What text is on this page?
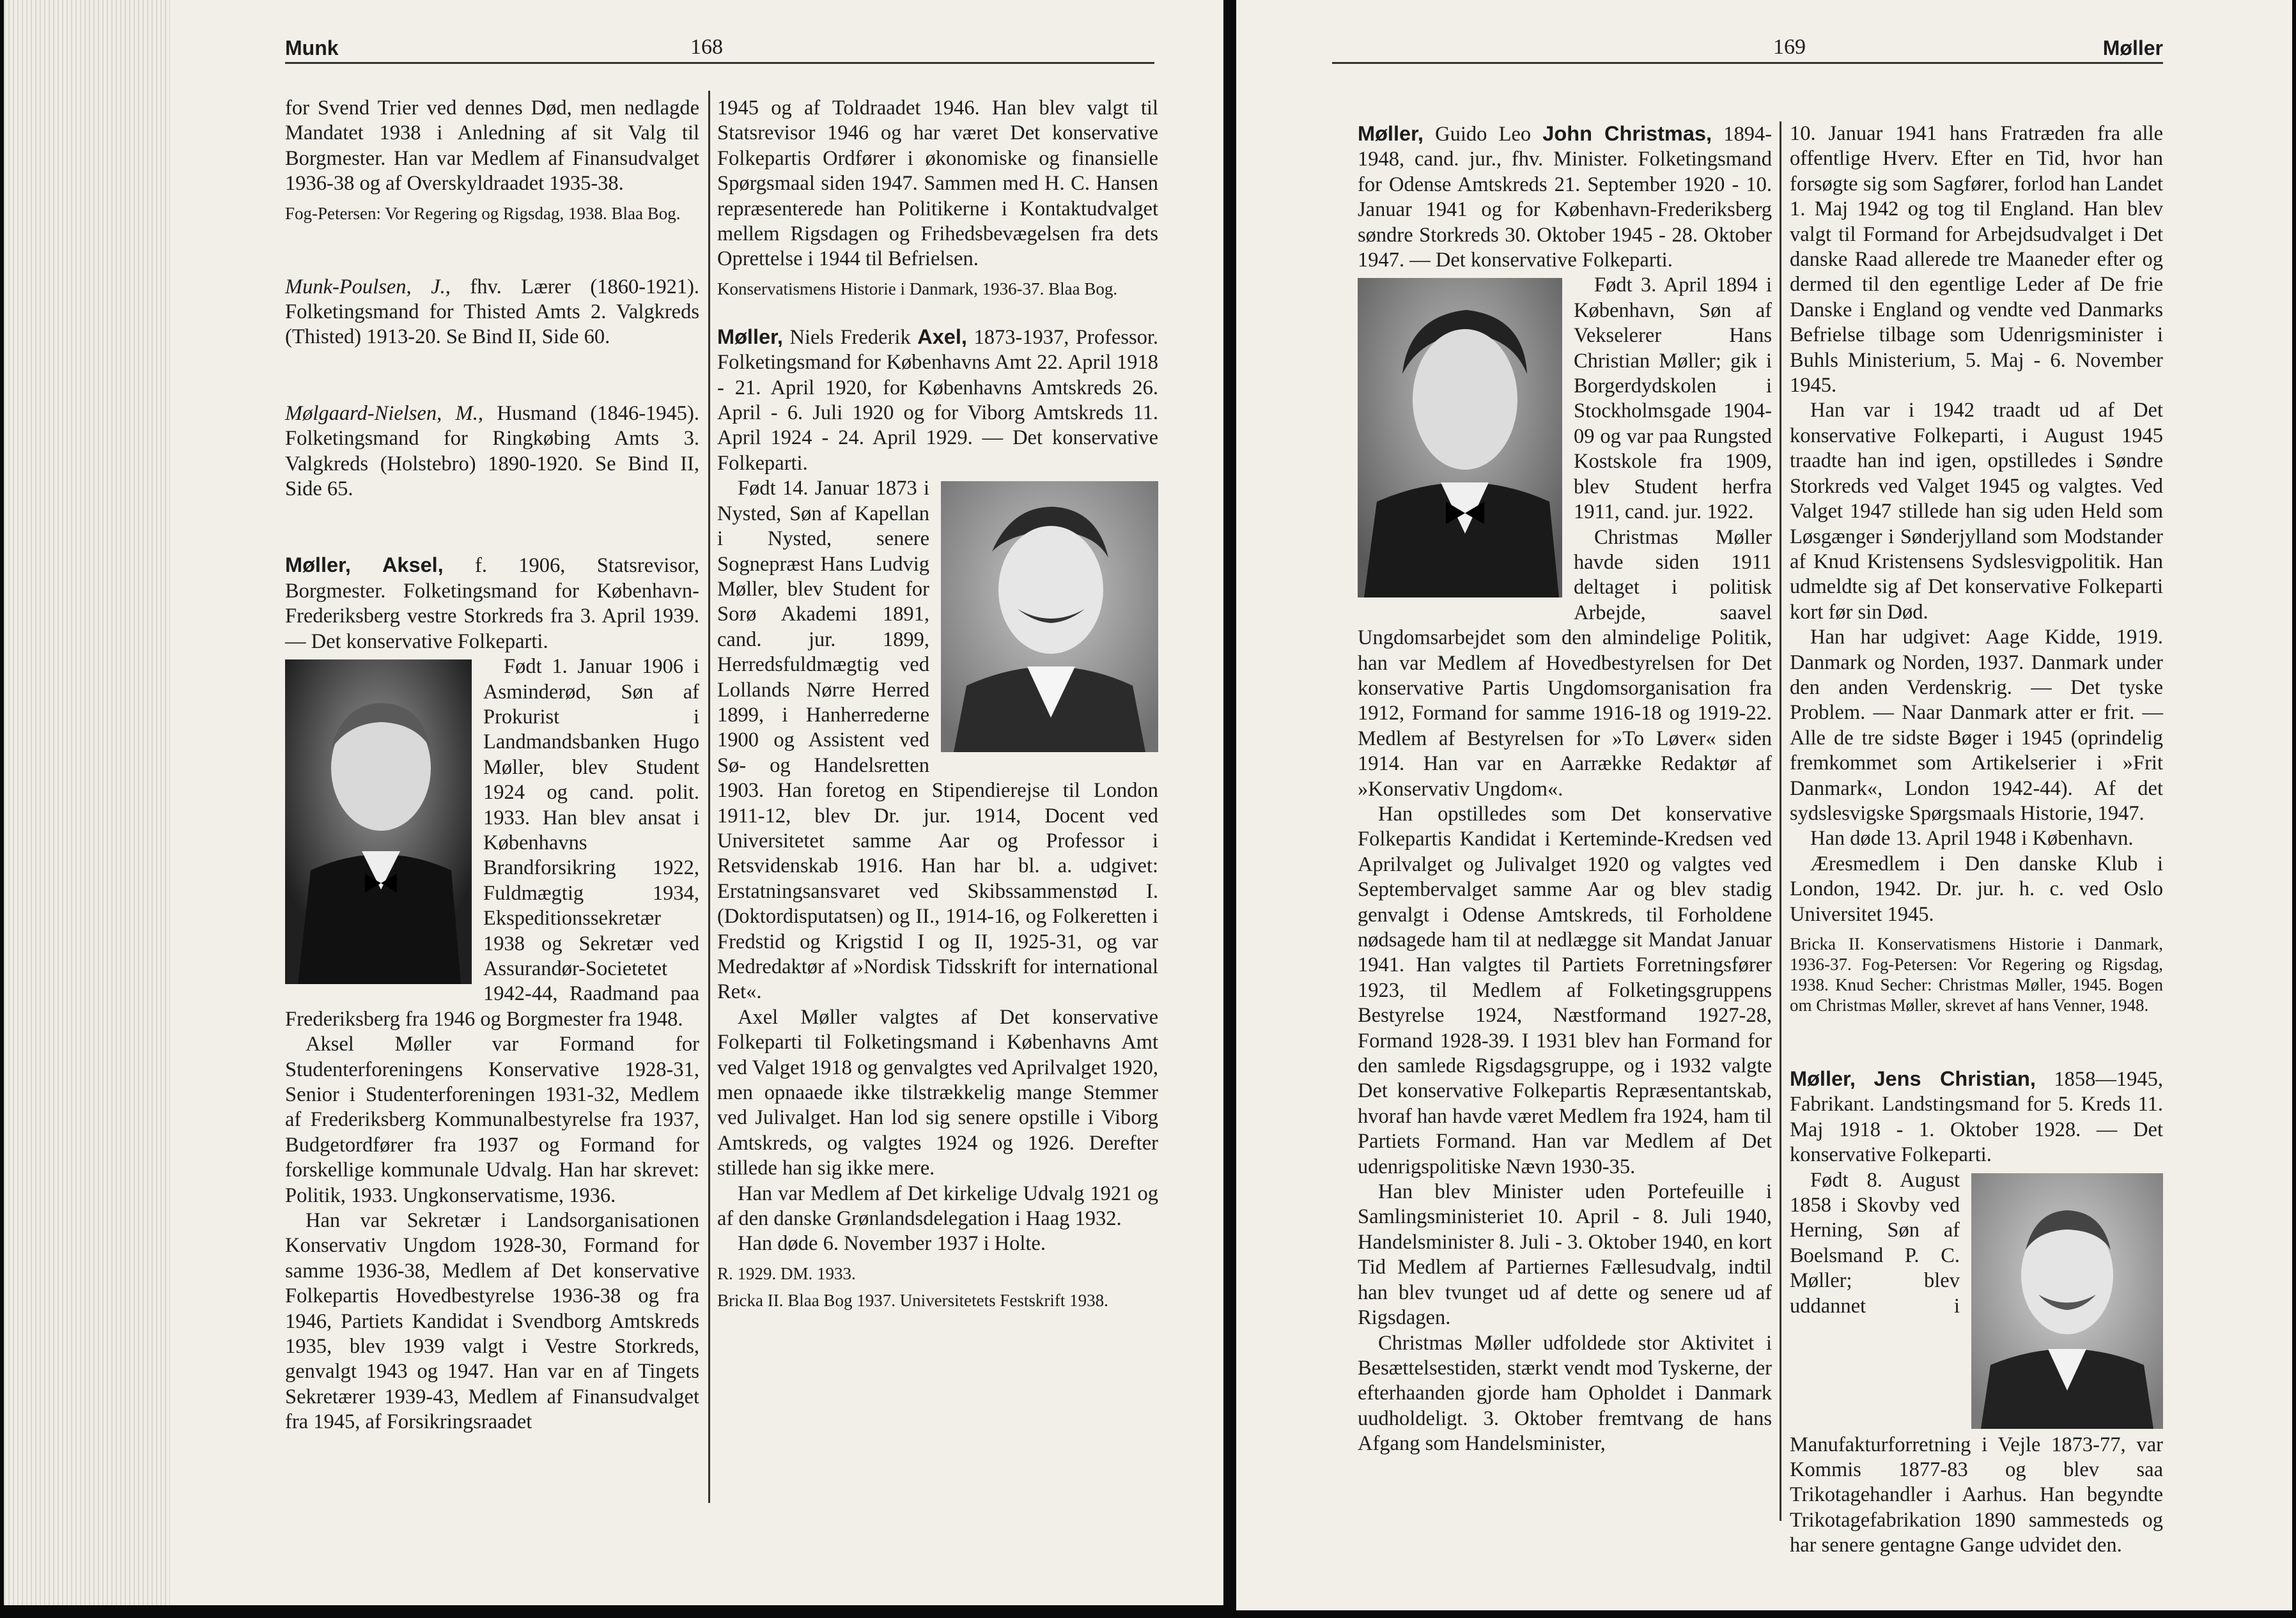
Munk	168

for Svend Trier ved dennes Død, men nedlagde Mandatet 1938 i Anledning af sit Valg til Borgmester. Han var Medlem af Finansudvalget 1936-38 og af Overskyldraadet 1935-38.

Fog-Petersen: Vor Regering og Rigsdag, 1938. Blaa Bog.

Munk-Poulsen, J., fhv. Lærer (1860-1921). Folketingsmand for Thisted Amts 2. Valgkreds (Thisted) 1913-20. Se Bind II, Side 60.

Mølgaard-Nielsen, M., Husmand (1846-1945). Folketingsmand for Ringkøbing Amts 3. Valgkreds (Holstebro) 1890-1920. Se Bind II, Side 65.

Møller, Aksel, f. 1906, Statsrevisor, Borgmester. Folketingsmand for København-Frederiksberg vestre Storkreds fra 3. April 1939. — Det konservative Folkeparti.

Født 1. Januar 1906 i Asminderød, Søn af Prokurist i Landmandsbanken Hugo Møller, blev Student 1924 og cand. polit. 1933. Han blev ansat i Københavns Brandforsikring 1922, Fuldmægtig 1934, Ekspeditionssekretær 1938 og Sekretær ved Assurandør-Societetet 1942-44, Raadmand paa Frederiksberg fra 1946 og Borgmester fra 1948.

Aksel Møller var Formand for Studenterforeningens Konservative 1928-31, Senior i Studenterforeningen 1931-32, Medlem af Frederiksberg Kommunalbestyrelse fra 1937, Budgetordfører fra 1937 og Formand for forskellige kommunale Udvalg. Han har skrevet: Politik, 1933. Ungkonservatisme, 1936.

Han var Sekretær i Landsorganisationen Konservativ Ungdom 1928-30, Formand for samme 1936-38, Medlem af Det konservative Folkepartis Hovedbestyrelse 1936-38 og fra 1946, Partiets Kandidat i Svendborg Amtskreds 1935, blev 1939 valgt i Vestre Storkreds, genvalgt 1943 og 1947. Han var en af Tingets Sekretærer 1939-43, Medlem af Finansudvalget fra 1945, af Forsikringsraadet

1945 og af Toldraadet 1946. Han blev valgt til Statsrevisor 1946 og har været Det konservative Folkepartis Ordfører i økonomiske og finansielle Spørgsmaal siden 1947. Sammen med H. C. Hansen repræsenterede han Politikerne i Kontaktudvalget mellem Rigsdagen og Frihedsbevægelsen fra dets Oprettelse i 1944 til Befrielsen.

Konservatismens Historie i Danmark, 1936-37. Blaa Bog.

Møller, Niels Frederik Axel, 1873-1937, Professor. Folketingsmand for Københavns Amt 22. April 1918 - 21. April 1920, for Københavns Amtskreds 26. April - 6. Juli 1920 og for Viborg Amtskreds 11. April 1924 - 24. April 1929. — Det konservative Folkeparti.

Født 14. Januar 1873 i Nysted, Søn af Kapellan i Nysted, senere Sognepræst Hans Ludvig Møller, blev Student for Sorø Akademi 1891, cand. jur. 1899, Herredsfuldmægtig ved Lollands Nørre Herred 1899, i Hanherrederne 1900 og Assistent ved Sø- og Handelsretten 1903. Han foretog en Stipendierejse til London 1911-12, blev Dr. jur. 1914, Docent ved Universitetet samme Aar og Professor i Retsvidenskab 1916. Han har bl. a. udgivet: Erstatningsansvaret ved Skibssammenstød I. (Doktordisputatsen) og II., 1914-16, og Folkeretten i Fredstid og Krigstid I og II, 1925-31, og var Medredaktør af »Nordisk Tidsskrift for international Ret«.

Axel Møller valgtes af Det konservative Folkeparti til Folketingsmand i Københavns Amt ved Valget 1918 og genvalgtes ved Aprilvalget 1920, men opnaaede ikke tilstrækkelig mange Stemmer ved Julivalget. Han lod sig senere opstille i Viborg Amtskreds, og valgtes 1924 og 1926. Derefter stillede han sig ikke mere.

Han var Medlem af Det kirkelige Udvalg 1921 og af den danske Grønlandsdelegation i Haag 1932.

Han døde 6. November 1937 i Holte.

R. 1929. DM. 1933.

Bricka II. Blaa Bog 1937. Universitetets Festskrift 1938.

169	Møller

Møller, Guido Leo John Christmas, 1894-1948, cand. jur., fhv. Minister. Folketingsmand for Odense Amtskreds 21. September 1920 - 10. Januar 1941 og for København-Frederiksberg søndre Storkreds 30. Oktober 1945 - 28. Oktober 1947. — Det konservative Folkeparti.

Født 3. April 1894 i København, Søn af Vekselerer Hans Christian Møller; gik i Borgerdydskolen i Stockholmsgade 1904-09 og var paa Rungsted Kostskole fra 1909, blev Student herfra 1911, cand. jur. 1922.

Christmas Møller havde siden 1911 deltaget i politisk Arbejde, saavel Ungdomsarbejdet som den almindelige Politik, han var Medlem af Hovedbestyrelsen for Det konservative Partis Ungdomsorganisation fra 1912, Formand for samme 1916-18 og 1919-22. Medlem af Bestyrelsen for »To Løver« siden 1914. Han var en Aarrække Redaktør af »Konservativ Ungdom«.

Han opstilledes som Det konservative Folkepartis Kandidat i Kerteminde-Kredsen ved Aprilvalget og Julivalget 1920 og valgtes ved Septembervalget samme Aar og blev stadig genvalgt i Odense Amtskreds, til Forholdene nødsagede ham til at nedlægge sit Mandat Januar 1941. Han valgtes til Partiets Forretningsfører 1923, til Medlem af Folketingsgruppens Bestyrelse 1924, Næstformand 1927-28, Formand 1928-39. I 1931 blev han Formand for den samlede Rigsdagsgruppe, og i 1932 valgte Det konservative Folkepartis Repræsentantskab, hvoraf han havde været Medlem fra 1924, ham til Partiets Formand. Han var Medlem af Det udenrigspolitiske Nævn 1930-35.

Han blev Minister uden Portefeuille i Samlingsministeriet 10. April - 8. Juli 1940, Handelsminister 8. Juli - 3. Oktober 1940, en kort Tid Medlem af Partiernes Fællesudvalg, indtil han blev tvunget ud af dette og senere ud af Rigsdagen.

Christmas Møller udfoldede stor Aktivitet i Besættelsestiden, stærkt vendt mod Tyskerne, der efterhaanden gjorde ham Opholdet i Danmark uudholdeligt. 3. Oktober fremtvang de hans Afgang som Handelsminister,

10. Januar 1941 hans Fratræden fra alle offentlige Hverv. Efter en Tid, hvor han forsøgte sig som Sagfører, forlod han Landet 1. Maj 1942 og tog til England. Han blev valgt til Formand for Arbejdsudvalget i Det danske Raad allerede tre Maaneder efter og dermed til den egentlige Leder af De frie Danske i England og vendte ved Danmarks Befrielse tilbage som Udenrigsminister i Buhls Ministerium, 5. Maj - 6. November 1945.

Han var i 1942 traadt ud af Det konservative Folkeparti, i August 1945 traadte han ind igen, opstilledes i Søndre Storkreds ved Valget 1945 og valgtes. Ved Valget 1947 stillede han sig uden Held som Løsgænger i Sønderjylland som Modstander af Knud Kristensens Sydslesvigpolitik. Han udmeldte sig af Det konservative Folkeparti kort før sin Død.

Han har udgivet: Aage Kidde, 1919. Danmark og Norden, 1937. Danmark under den anden Verdenskrig. — Det tyske Problem. — Naar Danmark atter er frit. — Alle de tre sidste Bøger i 1945 (oprindelig fremkommet som Artikelserier i »Frit Danmark«, London 1942-44). Af det sydslesvigske Spørgsmaals Historie, 1947.

Han døde 13. April 1948 i København.

Æresmedlem i Den danske Klub i London, 1942. Dr. jur. h. c. ved Oslo Universitet 1945.

Bricka II. Konservatismens Historie i Danmark, 1936-37. Fog-Petersen: Vor Regering og Rigsdag, 1938. Knud Secher: Christmas Møller, 1945. Bogen om Christmas Møller, skrevet af hans Venner, 1948.

Møller, Jens Christian, 1858—1945, Fabrikant. Landstingsmand for 5. Kreds 11. Maj 1918 - 1. Oktober 1928. — Det konservative Folkeparti.

Født 8. August 1858 i Skovby ved Herning, Søn af Boelsmand P. C. Møller; blev uddannet i Manufakturforretning i Vejle 1873-77, var Kommis 1877-83 og blev saa Trikotagehandler i Aarhus. Han begyndte Trikotagefabrikation 1890 sammesteds og har senere gentagne Gange udvidet den.
